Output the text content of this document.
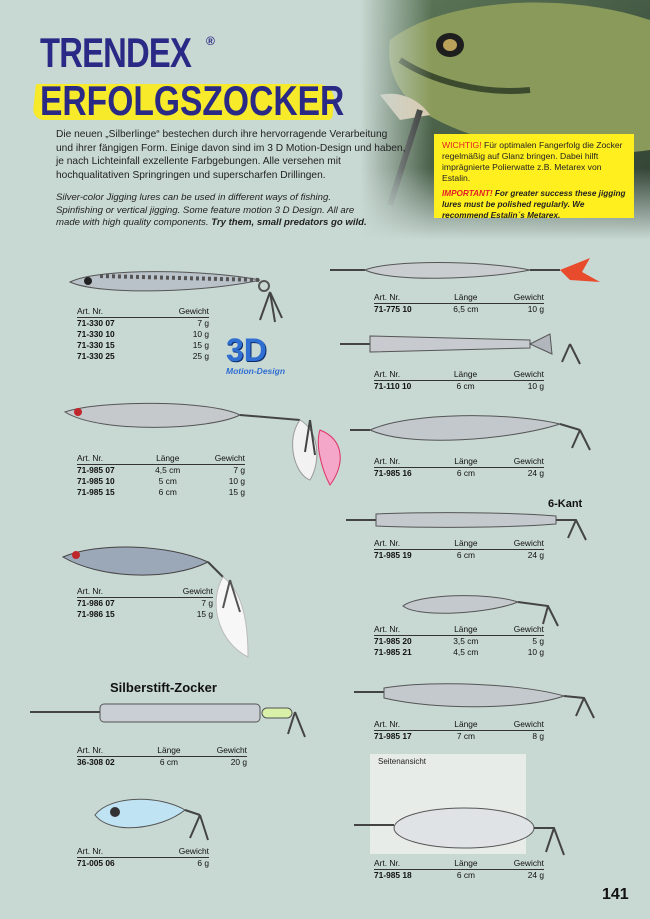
TRENDEX ®
ERFOLGSZOCKER
Die neuen „Silberlinge“ bestechen durch ihre hervorragende Verarbeitung und ihrer fängigen Form. Einige davon sind im 3 D Motion-Design und haben, je nach Lichteinfall exzellente Farbgebungen. Alle versehen mit hochqualitativen Springringen und superscharfen Drillingen.
Silver-color Jigging lures can be used in different ways of fishing. Spinfishing or vertical jigging. Some feature motion 3 D Design. All are made with high quality components. Try them, small predators go wild.
WICHTIG! Für optimalen Fangerfolg die Zocker regelmäßig auf Glanz bringen. Dabei hilft imprägnierte Polierwatte z.B. Metarex von Estalin.
IMPORTANT! For greater success these jigging lures must be polished regularly. We recommend Estalin´s Metarex.
3D
Motion-Design
Seitenansicht
6-Kant
Silberstift-Zocker
Art. Nr.	Gewicht
71-330 07	7 g
71-330 10	10 g
71-330 15	15 g
71-330 25	25 g
Art. Nr.	Länge	Gewicht
71-985 07	4,5 cm	7 g
71-985 10	5 cm	10 g
71-985 15	6 cm	15 g
Art. Nr.	Gewicht
71-986 07	7 g
71-986 15	15 g
Art. Nr.	Länge	Gewicht
36-308 02	6 cm	20 g
Art. Nr.	Gewicht
71-005 06	6 g
Art. Nr.	Länge	Gewicht
71-775 10	6,5 cm	10 g
Art. Nr.	Länge	Gewicht
71-110 10	6 cm	10 g
Art. Nr.	Länge	Gewicht
71-985 16	6 cm	24 g
Art. Nr.	Länge	Gewicht
71-985 19	6 cm	24 g
Art. Nr.	Länge	Gewicht
71-985 20	3,5 cm	5 g
71-985 21	4,5 cm	10 g
Art. Nr.	Länge	Gewicht
71-985 17	7 cm	8 g
Art. Nr.	Länge	Gewicht
71-985 18	6 cm	24 g
141
